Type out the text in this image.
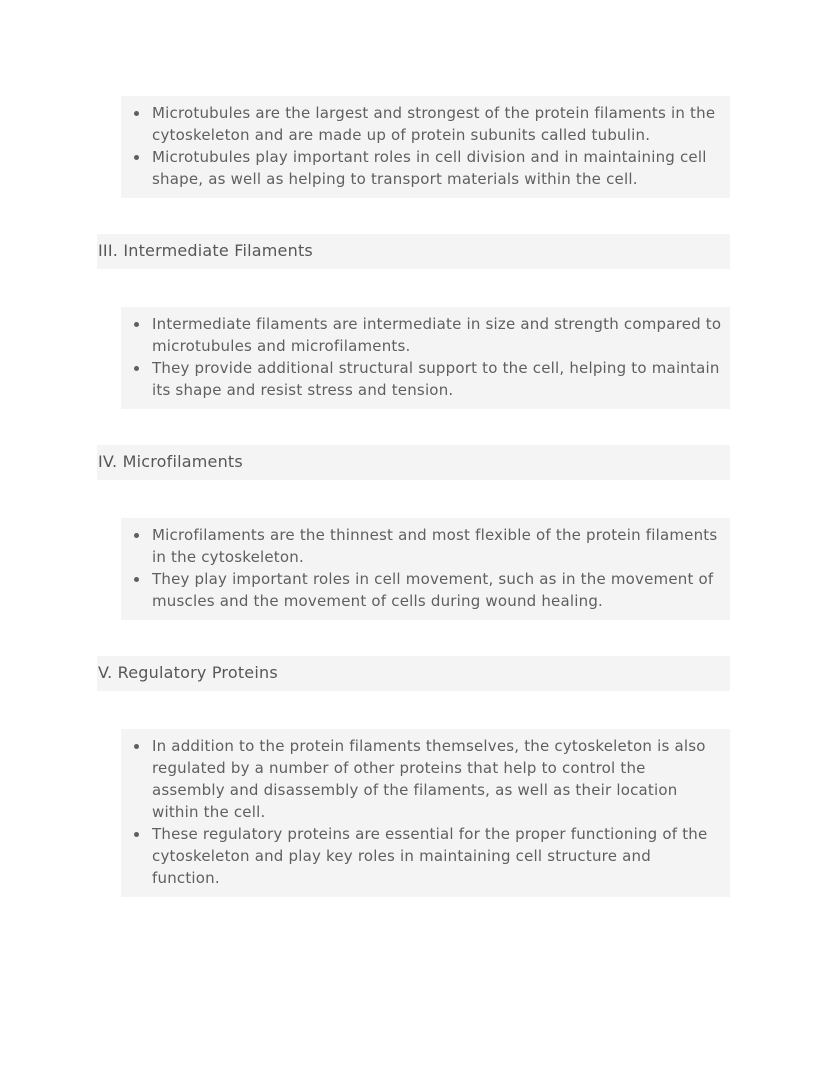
• Microtubules are the largest and strongest of the protein filaments in the cytoskeleton and are made up of protein subunits called tubulin.
• Microtubules play important roles in cell division and in maintaining cell shape, as well as helping to transport materials within the cell.
III. Intermediate Filaments
• Intermediate filaments are intermediate in size and strength compared to microtubules and microfilaments.
• They provide additional structural support to the cell, helping to maintain its shape and resist stress and tension.
IV. Microfilaments
• Microfilaments are the thinnest and most flexible of the protein filaments in the cytoskeleton.
• They play important roles in cell movement, such as in the movement of muscles and the movement of cells during wound healing.
V. Regulatory Proteins
• In addition to the protein filaments themselves, the cytoskeleton is also regulated by a number of other proteins that help to control the assembly and disassembly of the filaments, as well as their location within the cell.
• These regulatory proteins are essential for the proper functioning of the cytoskeleton and play key roles in maintaining cell structure and function.
